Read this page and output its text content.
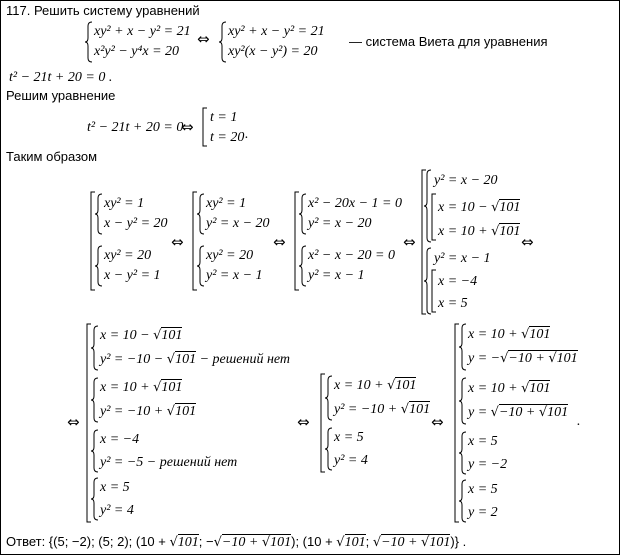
117. Решить систему уравнений
xy² + x − y² = 21
x²y² − y⁴x = 20
⇔ xy² + x − y² = 21
xy²(x − y²) = 20
— система Виета для уравнения
t² − 21t + 20 = 0 .
Решим уравнение
t² − 21t + 20 = 0
⇔
t = 1
t = 20 .
Таким образом
xy² = 1
x − y² = 20
xy² = 20
x − y² = 1
⇔
xy² = 1
y² = x − 20
xy² = 20
y² = x − 1
⇔
x² − 20x − 1 = 0
y² = x − 20
x² − x − 20 = 0
y² = x − 1
⇔
y² = x − 20
x = 10 − √101
x = 10 + √101
⇔
y² = x − 1
x = −4
x = 5
⇔
x = 10 − √101
y² = −10 − √101 − решений нет
x = 10 + √101
y² = −10 + √101
x = −4
y² = −5 − решений нет
x = 5
y² = 4
⇔
x = 10 + √101
y² = −10 + √101
x = 5
y² = 4
⇔
x = 10 + √101
y = −√−10 + √101
x = 10 + √101
y = √−10 + √101
.
x = 5
y = −2
x = 5
y = 2
Ответ: {(5; −2); (5; 2); (10 + √101; −√−10 + √101); (10 + √101; √−10 + √101)} .
